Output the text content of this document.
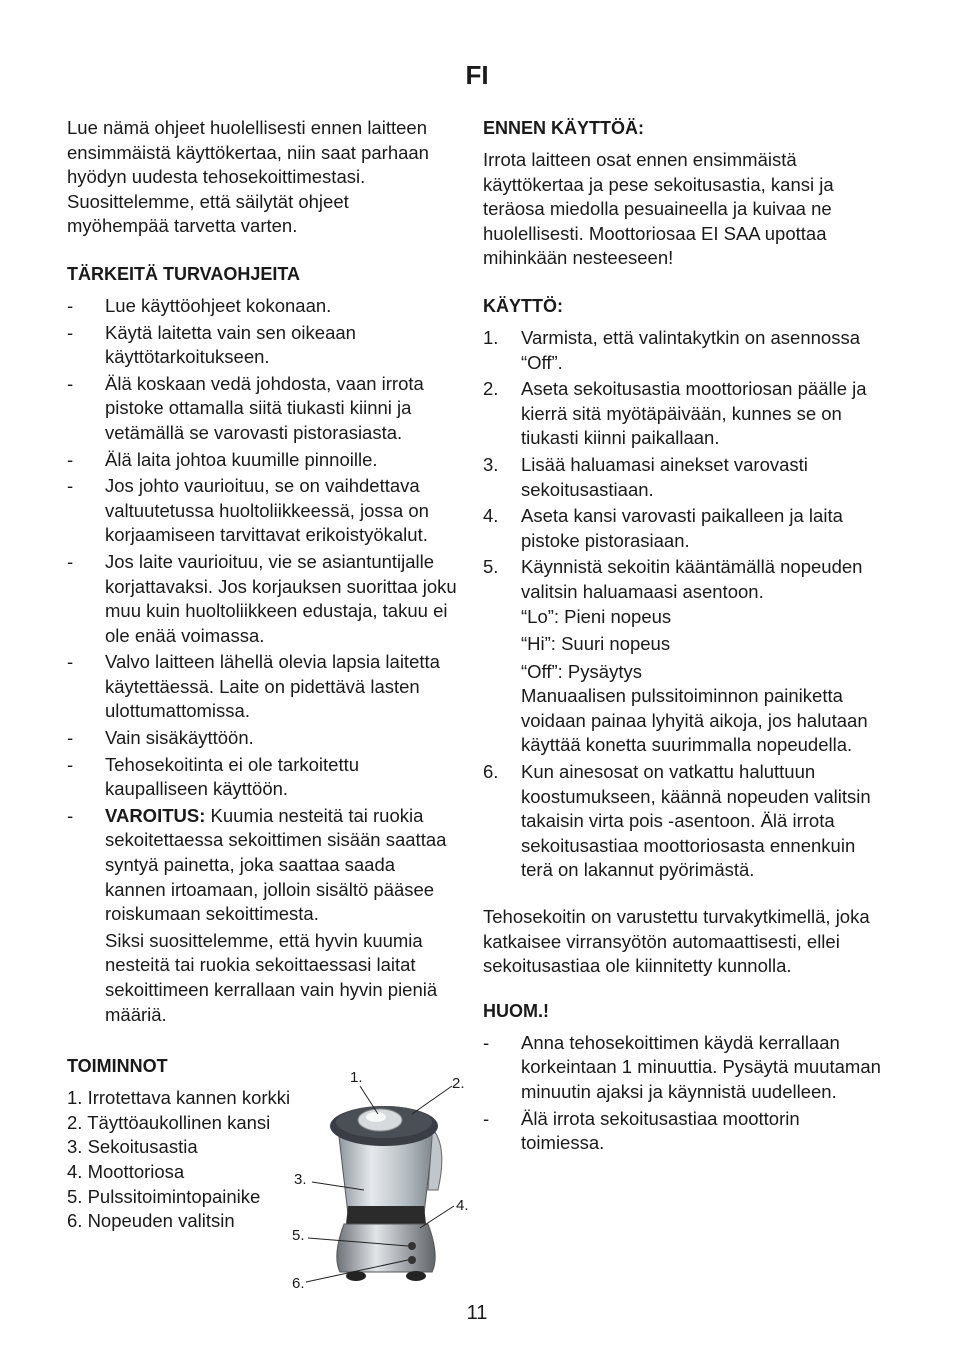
FI

Lue nämä ohjeet huolellisesti ennen laitteen ensimmäistä käyttökertaa, niin saat parhaan hyödyn uudesta tehosekoittimestasi. Suosittelemme, että säilytät ohjeet myöhempää tarvetta varten.

TÄRKEITÄ TURVAOHJEITA
- Lue käyttöohjeet kokonaan.
- Käytä laitetta vain sen oikeaan käyttötarkoitukseen.
- Älä koskaan vedä johdosta, vaan irrota pistoke ottamalla siitä tiukasti kiinni ja vetämällä se varovasti pistorasiasta.
- Älä laita johtoa kuumille pinnoille.
- Jos johto vaurioituu, se on vaihdettava valtuutetussa huoltoliikkeessä, jossa on korjaamiseen tarvittavat erikoistyökalut.
- Jos laite vaurioituu, vie se asiantuntijalle korjattavaksi. Jos korjauksen suorittaa joku muu kuin huoltoliikkeen edustaja, takuu ei ole enää voimassa.
- Valvo laitteen lähellä olevia lapsia laitetta käytettäessä. Laite on pidettävä lasten ulottumattomissa.
- Vain sisäkäyttöön.
- Tehosekoitinta ei ole tarkoitettu kaupalliseen käyttöön.
- VAROITUS: Kuumia nesteitä tai ruokia sekoitettaessa sekoittimen sisään saattaa syntyä painetta, joka saattaa saada kannen irtoamaan, jolloin sisältö pääsee roiskumaan sekoittimesta.
Siksi suosittelemme, että hyvin kuumia nesteitä tai ruokia sekoittaessasi laitat sekoittimeen kerrallaan vain hyvin pieniä määriä.
TOIMINNOT
1. Irrotettava kannen korkki
2. Täyttöaukollinen kansi
3. Sekoitusastia
4. Moottoriosa
5. Pulssitoimintopainike
6. Nopeuden valitsin
1.	2.
3.
4.
5.
6.
ENNEN KÄYTTÖÄ:

Irrota laitteen osat ennen ensimmäistä käyttökertaa ja pese sekoitusastia, kansi ja teräosa miedolla pesuaineella ja kuivaa ne huolellisesti. Moottoriosaa EI SAA upottaa mihinkään nesteeseen!

KÄYTTÖ:
1. Varmista, että valintakytkin on asennossa “Off”.
2. Aseta sekoitusastia moottoriosan päälle ja kierrä sitä myötäpäivään, kunnes se on tiukasti kiinni paikallaan.
3. Lisää haluamasi ainekset varovasti sekoitusastiaan.
4. Aseta kansi varovasti paikalleen ja laita pistoke pistorasiaan.
5. Käynnistä sekoitin kääntämällä nopeuden valitsin haluamaasi asentoon.
“Lo”: Pieni nopeus
“Hi”: Suuri nopeus
“Off”: Pysäytys
Manuaalisen pulssitoiminnon painiketta voidaan painaa lyhyitä aikoja, jos halutaan käyttää konetta suurimmalla nopeudella.
6. Kun ainesosat on vatkattu haluttuun koostumukseen, käännä nopeuden valitsin takaisin virta pois -asentoon. Älä irrota sekoitusastiaa moottoriosasta ennenkuin terä on lakannut pyörimästä.

Tehosekoitin on varustettu turvakytkimellä, joka katkaisee virransyötön automaattisesti, ellei sekoitusastiaa ole kiinnitetty kunnolla.

HUOM.!
- Anna tehosekoittimen käydä kerrallaan korkeintaan 1 minuuttia. Pysäytä muutaman minuutin ajaksi ja käynnistä uudelleen.
- Älä irrota sekoitusastiaa moottorin toimiessa.
11
